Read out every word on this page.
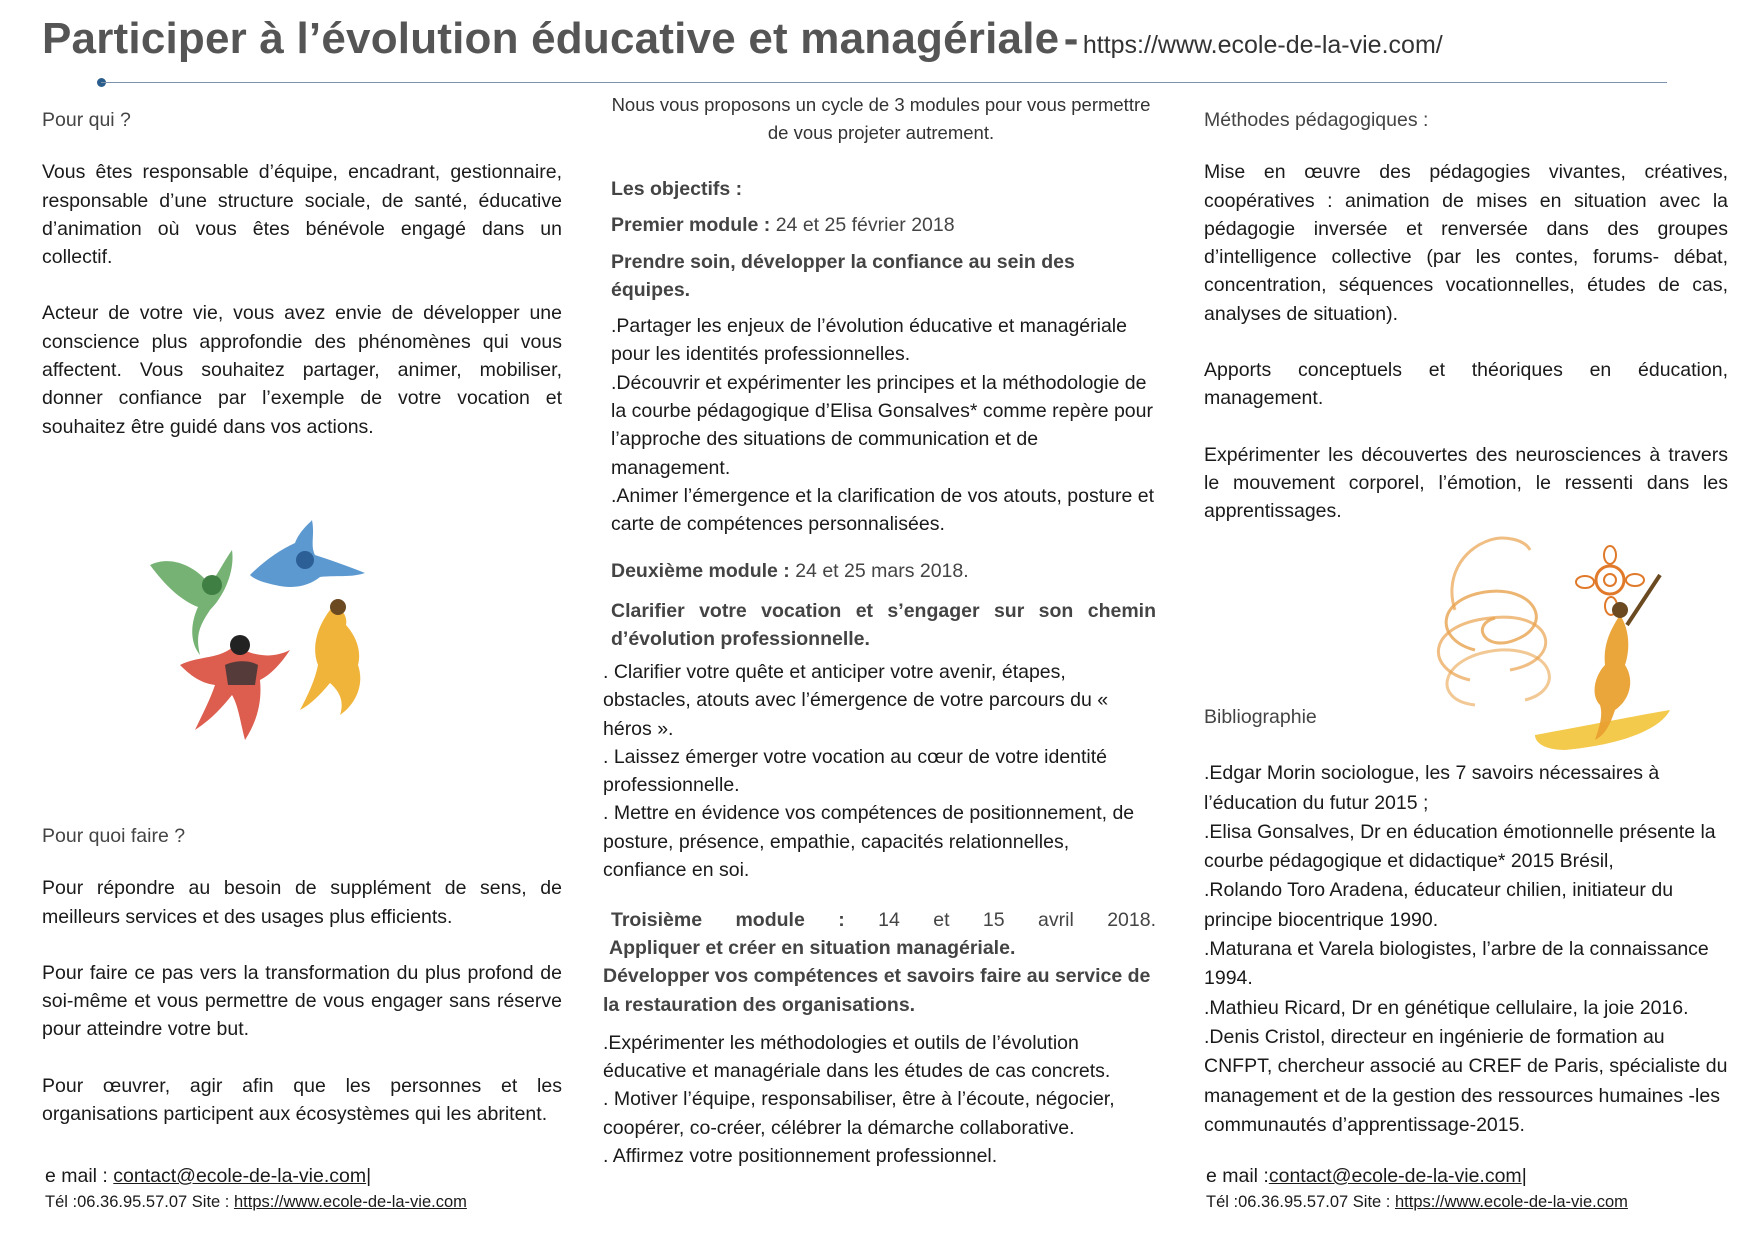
Participer à l’évolution éducative et managériale - https://www.ecole-de-la-vie.com/

Pour qui ?

Vous êtes responsable d’équipe, encadrant, gestionnaire, responsable d’une structure sociale, de santé, éducative d’animation où vous êtes bénévole engagé dans un collectif.

Acteur de votre vie, vous avez envie de développer une conscience plus approfondie des phénomènes qui vous affectent. Vous souhaitez partager, animer, mobiliser, donner confiance par l’exemple de votre vocation et souhaitez être guidé dans vos actions.

Pour quoi faire ?

Pour répondre au besoin de supplément de sens, de meilleurs services et des usages plus efficients.

Pour faire ce pas vers la transformation du plus profond de soi-même et vous permettre de vous engager sans réserve pour atteindre votre but.

Pour œuvrer, agir afin que les personnes et les organisations participent aux écosystèmes qui les abritent.

e mail : contact@ecole-de-la-vie.com|
Tél :06.36.95.57.07 Site : https://www.ecole-de-la-vie.com

Nous vous proposons un cycle de 3 modules pour vous permettre de vous projeter autrement.

Les objectifs :

Premier module : 24 et 25 février 2018

Prendre soin, développer la confiance au sein des équipes.

.Partager les enjeux de l’évolution éducative et managériale pour les identités professionnelles.

.Découvrir et expérimenter les principes et la méthodologie de la courbe pédagogique d’Elisa Gonsalves* comme repère pour l’approche des situations de communication et de management.

.Animer l’émergence et la clarification de vos atouts, posture et carte de compétences personnalisées.

Deuxième module : 24 et 25 mars 2018.

Clarifier votre vocation et s’engager sur son chemin d’évolution professionnelle.

. Clarifier votre quête et anticiper votre avenir, étapes, obstacles, atouts avec l’émergence de votre parcours du « héros ».

. Laissez émerger votre vocation au cœur de votre identité professionnelle.

. Mettre en évidence vos compétences de positionnement, de posture, présence, empathie, capacités relationnelles, confiance en soi.

Troisième module : 14 et 15 avril 2018.

Appliquer et créer en situation managériale.

Développer vos compétences et savoirs faire au service de la restauration des organisations.

.Expérimenter les méthodologies et outils de l’évolution éducative et managériale dans les études de cas concrets.

. Motiver l’équipe, responsabiliser, être à l’écoute, négocier, coopérer, co-créer, célébrer la démarche collaborative.

. Affirmez votre positionnement professionnel.

Méthodes pédagogiques :

Mise en œuvre des pédagogies vivantes, créatives, coopératives : animation de mises en situation avec la pédagogie inversée et renversée dans des groupes d’intelligence collective (par les contes, forums- débat, concentration, séquences vocationnelles, études de cas, analyses de situation).

Apports conceptuels et théoriques en éducation, management.

Expérimenter les découvertes des neurosciences à travers le mouvement corporel, l’émotion, le ressenti dans les apprentissages.

Bibliographie

.Edgar Morin sociologue, les 7 savoirs nécessaires à l’éducation du futur 2015 ;

.Elisa Gonsalves, Dr en éducation émotionnelle présente la courbe pédagogique et didactique* 2015 Brésil,

.Rolando Toro Aradena, éducateur chilien, initiateur du principe biocentrique 1990.

.Maturana et Varela biologistes, l’arbre de la connaissance 1994.

.Mathieu Ricard, Dr en génétique cellulaire, la joie 2016.

.Denis Cristol, directeur en ingénierie de formation au CNFPT, chercheur associé au CREF de Paris, spécialiste du management et de la gestion des ressources humaines -les communautés d’apprentissage-2015.

e mail :contact@ecole-de-la-vie.com|
Tél :06.36.95.57.07 Site : https://www.ecole-de-la-vie.com
